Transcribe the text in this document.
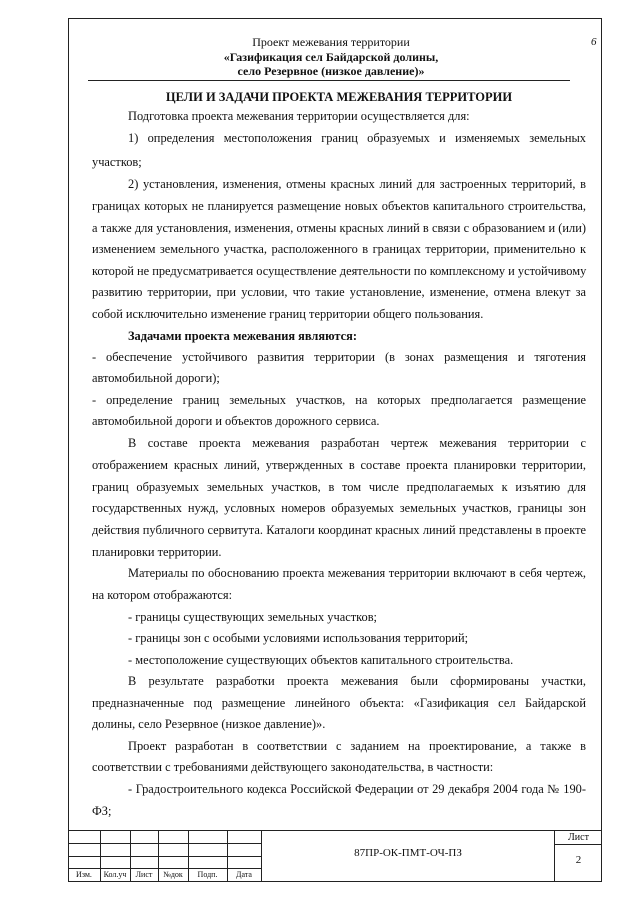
6
Проект межевания территории
«Газификация сел Байдарской долины,
село Резервное (низкое давление)»
ЦЕЛИ И ЗАДАЧИ ПРОЕКТА МЕЖЕВАНИЯ ТЕРРИТОРИИ
Подготовка проекта межевания территории осуществляется для:
1) определения местоположения границ образуемых и изменяемых земельных
участков;
2) установления, изменения, отмены красных линий для застроенных территорий, в
границах которых не планируется размещение новых объектов капитального строительства,
а также для установления, изменения, отмены красных линий в связи с образованием и (или)
изменением земельного участка, расположенного в границах территории, применительно к
которой не предусматривается осуществление деятельности по комплексному и устойчивому
развитию территории, при условии, что такие установление, изменение, отмена влекут за
собой исключительно изменение границ территории общего пользования.
Задачами проекта межевания являются:
- обеспечение устойчивого развития территории (в зонах размещения и тяготения
автомобильной дороги);
- определение границ земельных участков, на которых предполагается размещение
автомобильной дороги и объектов дорожного сервиса.
В составе проекта межевания разработан чертеж межевания территории с
отображением красных линий, утвержденных в составе проекта планировки территории,
границ образуемых земельных участков, в том числе предполагаемых к изъятию для
государственных нужд, условных номеров образуемых земельных участков, границы зон
действия публичного сервитута. Каталоги координат красных линий представлены в проекте
планировки территории.
Материалы по обоснованию проекта межевания территории включают в себя чертеж,
на котором отображаются:
- границы существующих земельных участков;
- границы зон с особыми условиями использования территорий;
- местоположение существующих объектов капитального строительства.
В результате разработки проекта межевания были сформированы участки,
предназначенные под размещение линейного объекта: «Газификация сел Байдарской
долины, село Резервное (низкое давление)».
Проект разработан в соответствии с заданием на проектирование, а также в
соответствии с требованиями действующего законодательства, в частности:
- Градостроительного кодекса Российской Федерации от 29 декабря 2004 года № 190-
ФЗ;
Изм.	Кол.уч	Лист	№док	Подп.	Дата
87ПР-ОК-ПМТ-ОЧ-ПЗ
Лист
2
